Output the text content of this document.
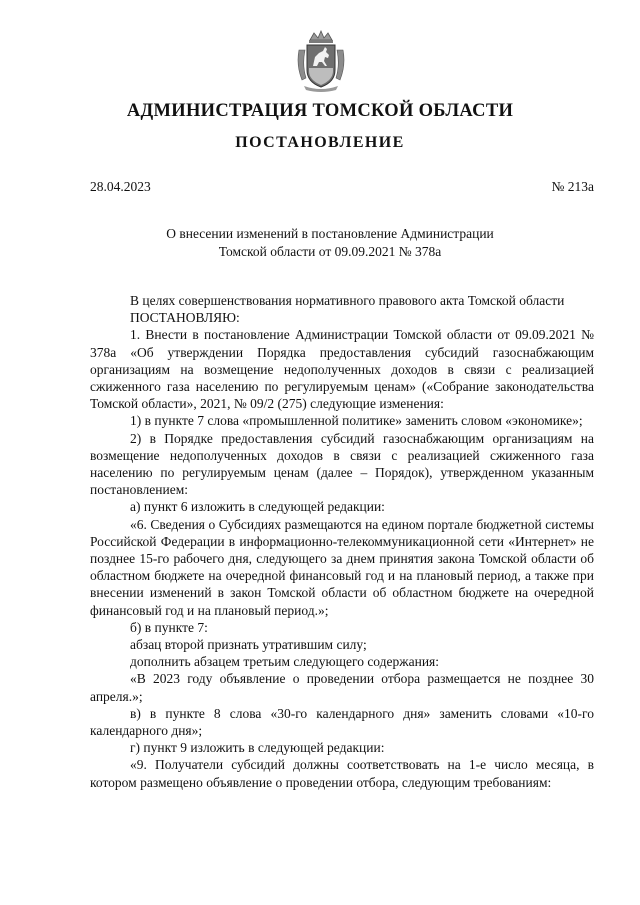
АДМИНИСТРАЦИЯ ТОМСКОЙ ОБЛАСТИ
ПОСТАНОВЛЕНИЕ
28.04.2023	№ 213а
О внесении изменений в постановление Администрации
Томской области от 09.09.2021 № 378а

В целях совершенствования нормативного правового акта Томской области

ПОСТАНОВЛЯЮ:

1. Внести в постановление Администрации Томской области от 09.09.2021 № 378а «Об утверждении Порядка предоставления субсидий газоснабжающим организациям на возмещение недополученных доходов в связи с реализацией сжиженного газа населению по регулируемым ценам» («Собрание законодательства Томской области», 2021, № 09/2 (275) следующие изменения:

1) в пункте 7 слова «промышленной политике» заменить словом «экономике»;

2) в Порядке предоставления субсидий газоснабжающим организациям на возмещение недополученных доходов в связи с реализацией сжиженного газа населению по регулируемым ценам (далее – Порядок), утвержденном указанным постановлением:

а) пункт 6 изложить в следующей редакции:

«6. Сведения о Субсидиях размещаются на едином портале бюджетной системы Российской Федерации в информационно-телекоммуникационной сети «Интернет» не позднее 15-го рабочего дня, следующего за днем принятия закона Томской области об областном бюджете на очередной финансовый год и на плановый период, а также при внесении изменений в закон Томской области об областном бюджете на очередной финансовый год и на плановый период.»;

б) в пункте 7:

абзац второй признать утратившим силу;

дополнить абзацем третьим следующего содержания:

«В 2023 году объявление о проведении отбора размещается не позднее 30 апреля.»;

в) в пункте 8 слова «30-го календарного дня» заменить словами «10-го календарного дня»;

г) пункт 9 изложить в следующей редакции:

«9. Получатели субсидий должны соответствовать на 1-е число месяца, в котором размещено объявление о проведении отбора, следующим требованиям:
